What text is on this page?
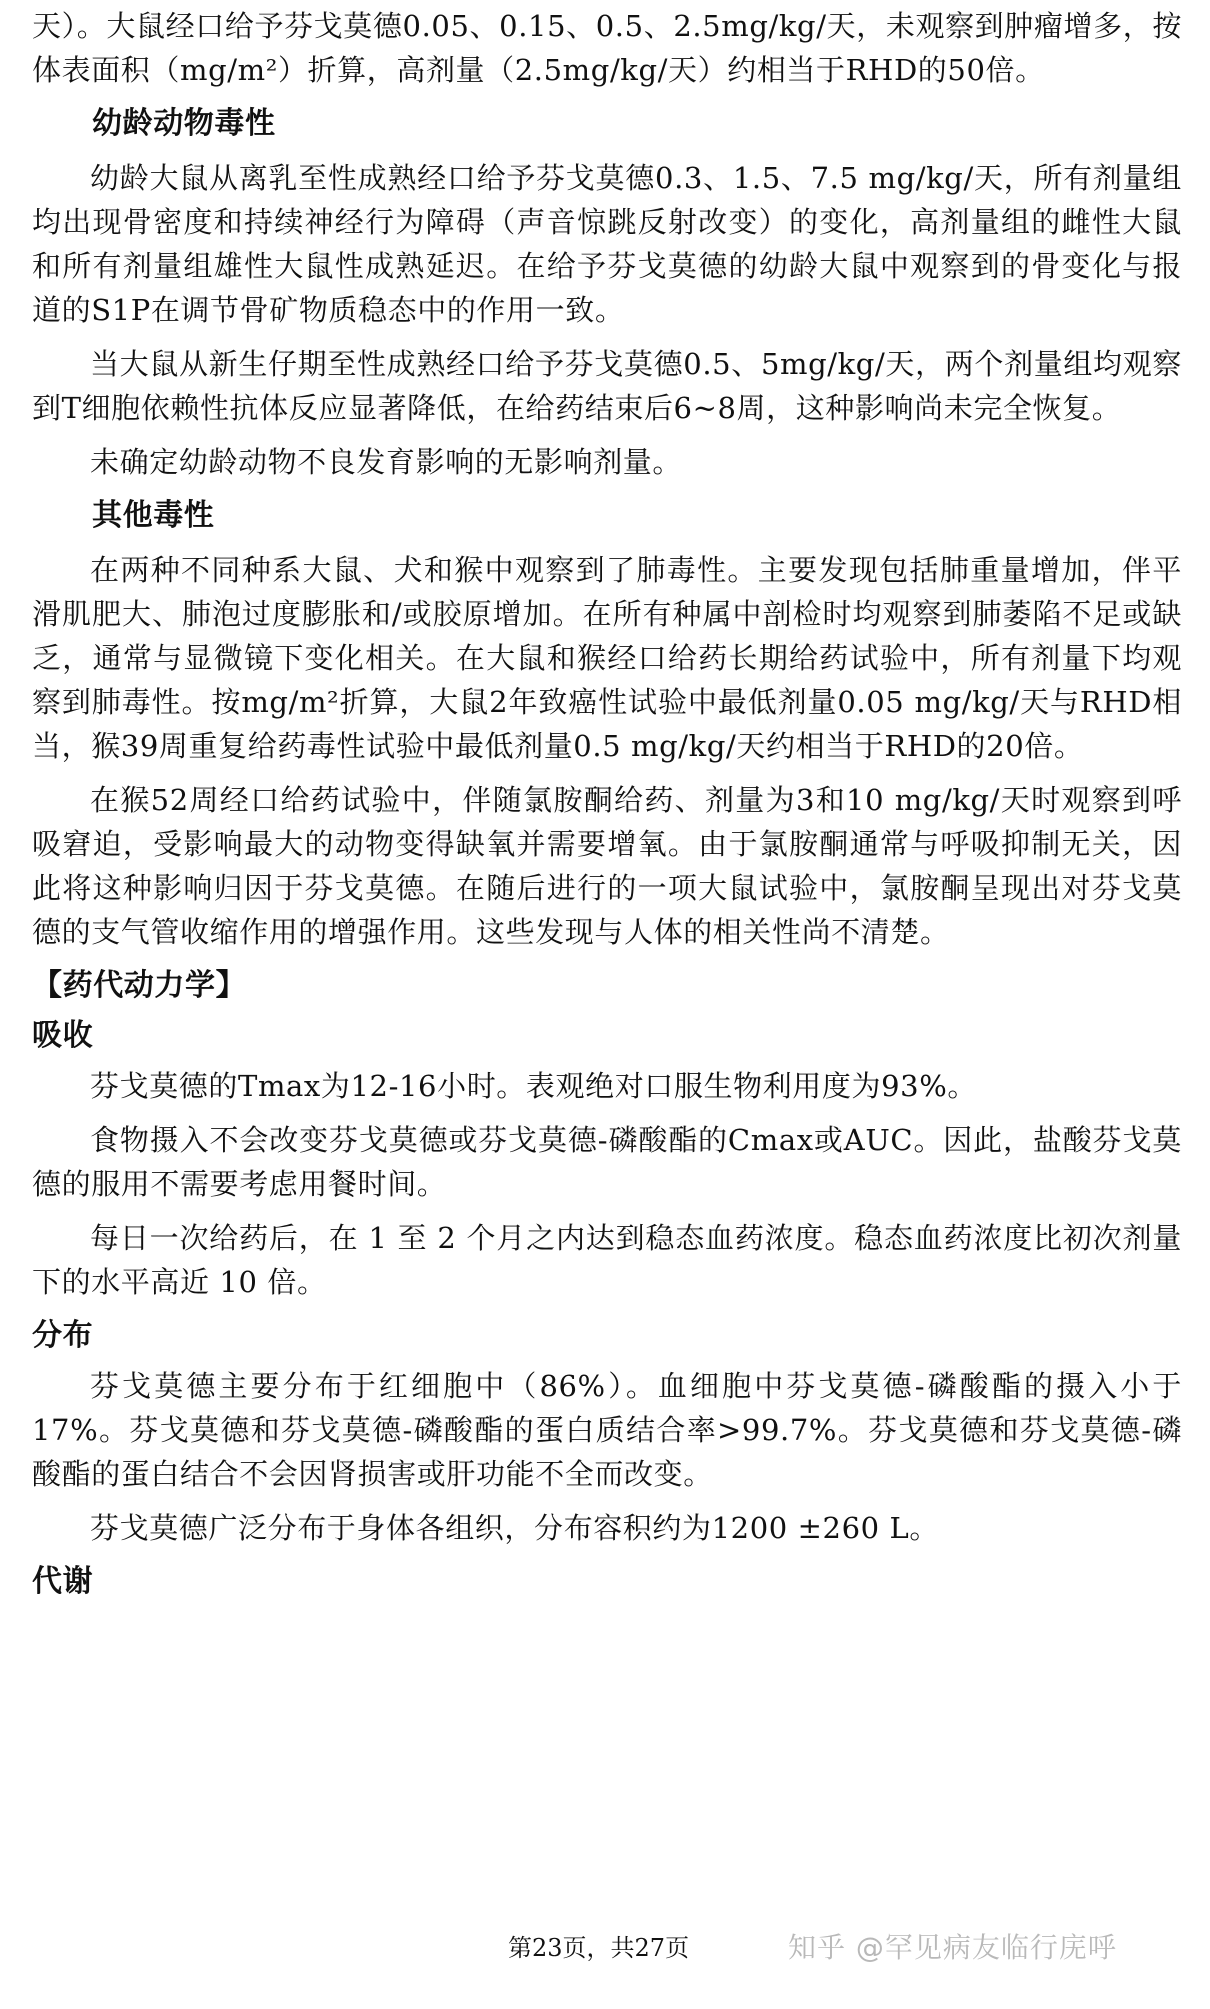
天）。大鼠经口给予芬戈莫德0.05、0.15、0.5、2.5mg/kg/天，未观察到肿瘤增多，按体表面积（mg/m²）折算，高剂量（2.5mg/kg/天）约相当于RHD的50倍。

幼龄动物毒性

幼龄大鼠从离乳至性成熟经口给予芬戈莫德0.3、1.5、7.5 mg/kg/天，所有剂量组均出现骨密度和持续神经行为障碍（声音惊跳反射改变）的变化，高剂量组的雌性大鼠和所有剂量组雄性大鼠性成熟延迟。在给予芬戈莫德的幼龄大鼠中观察到的骨变化与报道的S1P在调节骨矿物质稳态中的作用一致。

当大鼠从新生仔期至性成熟经口给予芬戈莫德0.5、5mg/kg/天，两个剂量组均观察到T细胞依赖性抗体反应显著降低，在给药结束后6~8周，这种影响尚未完全恢复。

未确定幼龄动物不良发育影响的无影响剂量。

其他毒性

在两种不同种系大鼠、犬和猴中观察到了肺毒性。主要发现包括肺重量增加，伴平滑肌肥大、肺泡过度膨胀和/或胶原增加。在所有种属中剖检时均观察到肺萎陷不足或缺乏，通常与显微镜下变化相关。在大鼠和猴经口给药长期给药试验中，所有剂量下均观察到肺毒性。按mg/m²折算，大鼠2年致癌性试验中最低剂量0.05 mg/kg/天与RHD相当，猴39周重复给药毒性试验中最低剂量0.5 mg/kg/天约相当于RHD的20倍。

在猴52周经口给药试验中，伴随氯胺酮给药、剂量为3和10 mg/kg/天时观察到呼吸窘迫，受影响最大的动物变得缺氧并需要增氧。由于氯胺酮通常与呼吸抑制无关，因此将这种影响归因于芬戈莫德。在随后进行的一项大鼠试验中，氯胺酮呈现出对芬戈莫德的支气管收缩作用的增强作用。这些发现与人体的相关性尚不清楚。

【药代动力学】
吸收

芬戈莫德的Tmax为12-16小时。表观绝对口服生物利用度为93%。

食物摄入不会改变芬戈莫德或芬戈莫德-磷酸酯的Cmax或AUC。因此，盐酸芬戈莫德的服用不需要考虑用餐时间。

每日一次给药后，在 1 至 2 个月之内达到稳态血药浓度。稳态血药浓度比初次剂量下的水平高近 10 倍。

分布

芬戈莫德主要分布于红细胞中（86%）。血细胞中芬戈莫德-磷酸酯的摄入小于17%。芬戈莫德和芬戈莫德-磷酸酯的蛋白质结合率>99.7%。芬戈莫德和芬戈莫德-磷酸酯的蛋白结合不会因肾损害或肝功能不全而改变。

芬戈莫德广泛分布于身体各组织，分布容积约为1200 ±260 L。

代谢
第23页，共27页	知乎 @罕见病友临行庑呼
